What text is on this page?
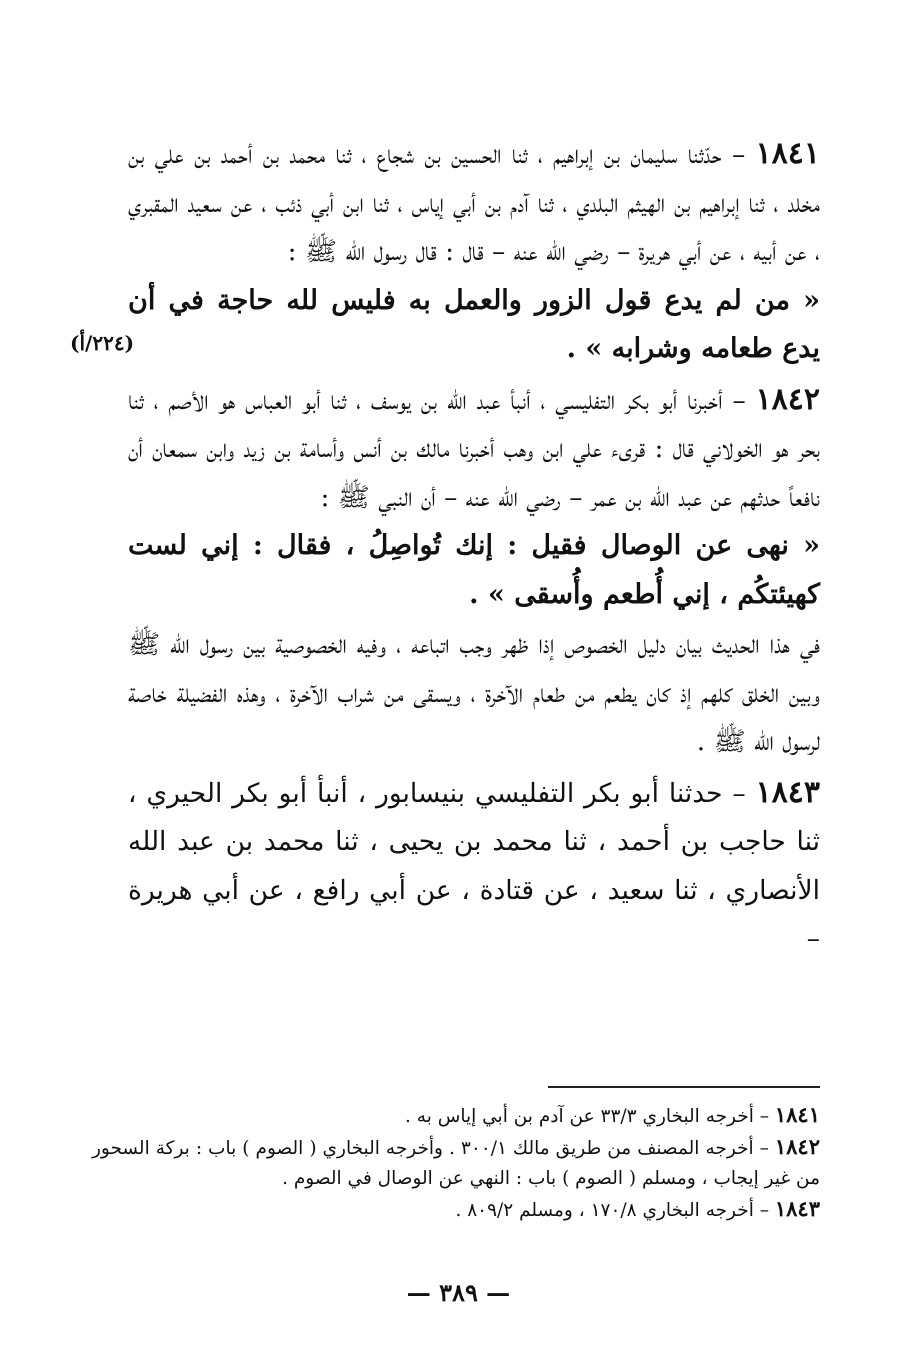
١٨٤١ – حدّثنا سليمان بن إبراهيم ، ثنا الحسين بن شجاع ، ثنا محمد بن أحمد بن علي بن مخلد ، ثنا إبراهيم بن الهيثم البلدي ، ثنا آدم بن أبي إياس ، ثنا ابن أبي ذئب ، عن سعيد المقبري ، عن أبيه ، عن أبي هريرة – رضي الله عنه – قال : قال رسول الله ﷺ :

« من لم يدع قول الزور والعمل به فليس لله حاجة في أن يدع طعامه وشرابه » .

١٨٤٢ – أخبرنا أبو بكر التفليسي ، أنبأ عبد الله بن يوسف ، ثنا أبو العباس هو الأصم ، ثنا بحر هو الخولاني قال : قرىء علي ابن وهب أخبرنا مالك بن أنس وأسامة بن زيد وابن سمعان أن نافعاً حدثهم عن عبد الله بن عمر – رضي الله عنه – أن النبي ﷺ :

« نهى عن الوصال فقيل : إنك تُواصِلُ ، فقال : إني لست كهيئتكُم ، إني أُطعم وأُسقى » .

في هذا الحديث بيان دليل الخصوص إذا ظهر وجب اتباعه ، وفيه الخصوصية بين رسول الله ﷺ وبين الخلق كلهم إذ كان يطعم من طعام الآخرة ، ويسقى من شراب الآخرة ، وهذه الفضيلة خاصة لرسول الله ﷺ .

١٨٤٣ – حدثنا أبو بكر التفليسي بنيسابور ، أنبأ أبو بكر الحيري ، ثنا حاجب بن أحمد ، ثنا محمد بن يحيى ، ثنا محمد بن عبد الله الأنصاري ، ثنا سعيد ، عن قتادة ، عن أبي رافع ، عن أبي هريرة –

(٢٢٤/أ)

١٨٤١ – أخرجه البخاري ٣٣/٣ عن آدم بن أبي إياس به .

١٨٤٢ – أخرجه المصنف من طريق مالك ٣٠٠/١ . وأخرجه البخاري ( الصوم ) باب : بركة السحور من غير إيجاب ، ومسلم ( الصوم ) باب : النهي عن الوصال في الصوم .

١٨٤٣ – أخرجه البخاري ١٧٠/٨ ، ومسلم ٨٠٩/٢ .

— ٣٨٩ —
